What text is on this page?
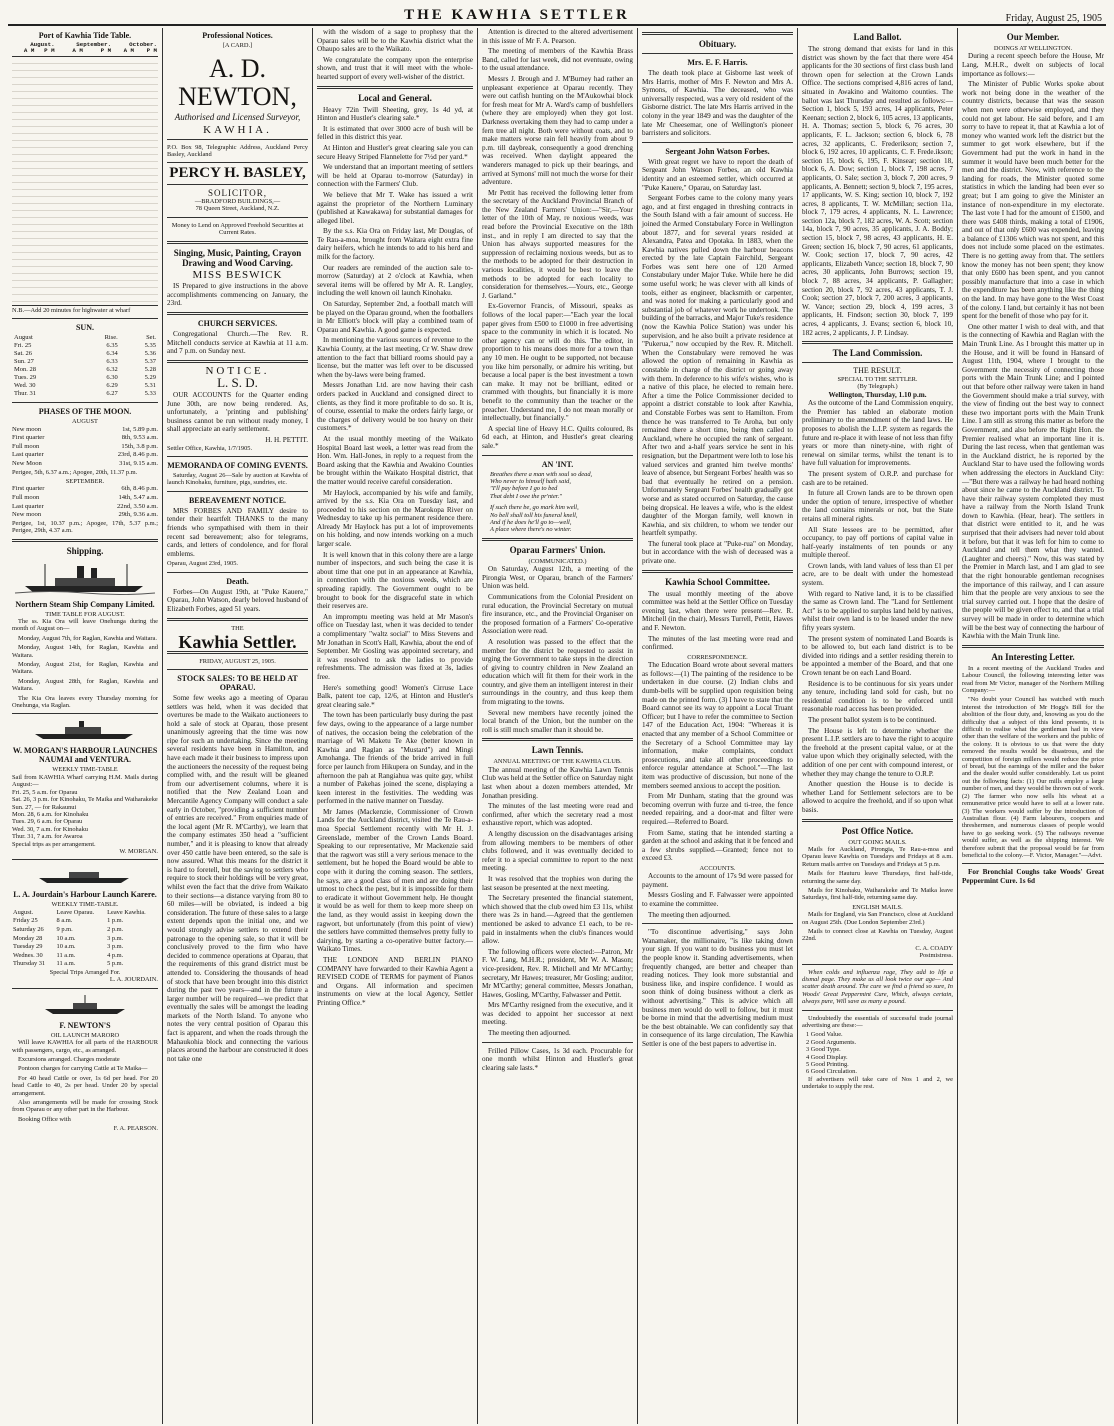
THE KAWHIA SETTLER	Friday, August 25, 1905
Port of Kawhia Tide Table.
	August.		September.		October.	
	A M	P M	A M	P M	A M	P M
N.B.—Add 20 minutes for highwater at wharf
SUN.
August	Rise.	Set.
Fri. 25	6.35	5.35
Sat. 26	6.34	5.36
Sun. 27	6.33	5.37
Mon. 28	6.32	5.28
Tues. 29	6.30	5.29
Wed. 30	6.29	5.31
Thur. 31	6.27	5.33
PHASES OF THE MOON.
AUGUST
New moon	1st, 5.89 p.m.
First quarter	8th, 9.53 a.m.
Full moon	15th, 3.8 p.m.
Last quarter	23rd, 8.46 p.m.
New Moon	31st, 9.15 a.m.
Perigee, 5th, 6.37 a.m.; Apogee, 20th, 11.37 p.m.
SEPTEMBER.
First quarter	6th, 8.46 p.m.
Full moon	14th, 5.47 a.m.
Last quarter	22nd, 3.50 a.m.
New moon	29th, 9.36 a.m.
Perigee, 1st, 10.37 p.m.; Apogee, 17th, 5.37 p.m.; Perigee, 29th, 4.37 a.m.
Shipping.
Northern Steam Ship Company Limited.
TIME TABLE FOR AUGUST.

The ss. Kia Ora will leave Onehunga during the month of August on—

Monday, August 7th, for Raglan, Kawhia and Waitara.

Monday, August 14th, for Raglan, Kawhia and Waitara.

Monday, August 21st, for Raglan, Kawhia and Waitara.

Monday, August 28th, for Raglan, Kawhia and Waitara.

The Kia Ora leaves every Thursday morning for Onehunga, via Raglan.

W. MORGAN'S HARBOUR LAUNCHES NAUMAI and VENTURA.
WEEKLY TIME-TABLE
Sail from KAWHIA Wharf carrying H.M. Mails during August:—
Fri. 25, 5 a.m. for Oparau
Sat. 26, 3 p.m. for Kinohaku, Te Maika and Waiharakeke
Sun. 27, — for Rakaunui
Mon. 28, 6 a.m. for Kinohaku
Tues. 29, 6 a.m. for Oparau
Wed. 30, 7 a.m. for Kinohaku
Thur. 31, 7 a.m. for Awaroa
Special trips as per arrangement.
W. MORGAN.
L. A. Jourdain's Harbour Launch Karere.
WEEKLY TIME-TABLE.
August.	Leave Oparau.	Leave Kawhia.
Friday 25	8 a.m.	1 p.m.
Saturday 26	9 p.m.	2 p.m.
Monday 28	10 a.m.	3 p.m.
Tuesday 29	10 a.m.	3 p.m.
Wednes. 30	11 a.m.	4 p.m.
Thursday 31	11 a.m.	5 p.m.
Special Trips Arranged For.
L. A. JOURDAIN.
F. NEWTON'S
OIL LAUNCH MARORO

Will leave KAWHIA for all parts of the HARBOUR with passengers, cargo, etc., as arranged.

Excursions arranged. Charges moderate

Pontoon charges for carrying Cattle at Te Maika—

For 40 head Cattle or over, 1s 6d per head. For 20 head Cattle to 40, 2s per head. Under 20 by special arrangement.

Also arrangements will be made for crossing Stock from Oparau or any other part in the Harbour.

Booking Office with

F. A. PEARSON.
Professional Notices.
[A CARD.]
A. D. NEWTON,
Authorised and Licensed Surveyor,
KAWHIA.
P.O. Box 98, Telegraphic Address, Auckland Percy Basley, Auckland
PERCY H. BASLEY,
SOLICITOR,
—BRADFORD BUILDINGS,—
78 Queen Street, Auckland, N.Z.
Money to Lend on Approved Freehold Securities at Current Rates.
Singing, Music, Painting, Crayon Drawing and Wood Carving.
MISS BESWICK

IS Prepared to give instructions in the above accomplishments commencing on January, the 23rd.

CHURCH SERVICES.

Congregational Church.—The Rev. R. Mitchell conducts service at Kawhia at 11 a.m. and 7 p.m. on Sunday next.

NOTICE.
L. S. D.

OUR ACCOUNTS for the Quarter ending June 30th, are now being rendered. As, unfortunately, a 'printing and publishing' business cannot be run without ready money, I shall appreciate an early settlement.

H. H. PETTIT.
Settler Office, Kawhia, 1/7/1905.
MEMORANDA OF COMING EVENTS.

Saturday, August 26—Sale by auction at Kawhia of launch Kinohaku, furniture, pigs, sundries, etc.

BEREAVEMENT NOTICE.

MRS FORBES AND FAMILY desire to tender their heartfelt THANKS to the many friends who sympathised with them in their recent sad bereavement; also for telegrams, cards, and letters of condolence, and for floral emblems.

Oparau, August 23rd, 1905.
Death.

Forbes—On August 19th, at "Puke Kauere," Oparau, John Watson, dearly beloved husband of Elizabeth Forbes, aged 51 years.

THE
Kawhia Settler.
FRIDAY, AUGUST 25, 1905.
STOCK SALES: TO BE HELD AT OPARAU.

Some few weeks ago a meeting of Oparau settlers was held, when it was decided that overtures be made to the Waikato auctioneers to hold a sale of stock at Oparau, those present unanimously agreeing that the time was now ripe for such an undertaking. Since the meeting several residents have been in Hamilton, and have each made it their business to impress upon the auctioneers the necessity of the request being complied with, and the result will be gleaned from our advertisement columns, where it is notified that the New Zealand Loan and Mercantile Agency Company will conduct a sale early in October, "providing a sufficient number of entries are received." From enquiries made of the local agent (Mr R. M'Carthy), we learn that the company estimates 350 head a "sufficient number," and it is pleasing to know that already over 450 cattle have been entered, so the sale is now assured. What this means for the district it is hard to foretell, but the saving to settlers who require to stock their holdings will be very great, whilst even the fact that the drive from Waikato to their sections—a distance varying from 80 to 60 miles—will be obviated, is indeed a big consideration. The future of these sales to a large extent depends upon the initial one, and we would strongly advise settlers to extend their patronage to the opening sale, so that it will be conclusively proved to the firm who have decided to commence operations at Oparau, that the requirements of this grand district must be attended to. Considering the thousands of head of stock that have been brought into this district during the past two years—and in the future a larger number will be required—we predict that eventually the sales will be amongst the leading markets of the North Island. To anyone who notes the very central position of Oparau this fact is apparent, and when the roads through the Mahaukohia block and connecting the various places around the harbour are constructed it does not take one

with the wisdom of a sage to prophesy that the Oparau sales will be to the Kawhia district what the Ohaupo sales are to the Waikato.

We congratulate the company upon the enterprise shown, and trust that it will meet with the whole-hearted support of every well-wisher of the district.

Local and General.

Heavy 72in Twill Sheeting, grey, 1s 4d yd, at Hinton and Hustler's clearing sale.*

It is estimated that over 3000 acre of bush will be felled in this district this year.

At Hinton and Hustler's great clearing sale you can secure Heavy Striped Flannelette for 7½d per yard.*

We understand that an important meeting of settlers will be held at Oparau to-morrow (Saturday) in connection with the Farmers' Club.

We believe that Mr T. Wake has issued a writ against the proprietor of the Northern Luminary (published at Kawakawa) for substantial damages for alleged libel.

By the s.s. Kia Ora on Friday last, Mr Douglas, of Te Rau-a-moa, brought from Waitara eight extra fine dairy heifers, which he intends to add to his herd and milk for the factory.

Our readers are reminded of the auction sale to-morrow (Saturday) at 2 o'clock at Kawhia, when several items will be offered by Mr A. R. Langley, including the well known oil launch Kinohaku.

On Saturday, September 2nd, a football match will be played on the Oparau ground, when the footballers in Mr Elliott's block will play a combined team of Oparau and Kawhia. A good game is expected.

In mentioning the various sources of revenue to the Kawhia County, at the last meeting, Cr W. Shaw drew attention to the fact that billiard rooms should pay a license, but the matter was left over to be discussed when the by-laws were being framed.

Messrs Jonathan Ltd. are now having their cash orders packed in Auckland and consigned direct to clients, as they find it more profitable to do so. It is, of course, essential to make the orders fairly large, or the charges of delivery would be too heavy on their customers.*

At the usual monthly meeting of the Waikato Hospital Board last week, a letter was read from the Hon. Wm. Hall-Jones, in reply to a request from the Board asking that the Kawhia and Awakino Counties be brought within the Waikato Hospital district, that the matter would receive careful consideration.

Mr Haylock, accompanied by his wife and family, arrived by the s.s. Kia Ora on Tuesday last, and proceeded to his section on the Marokopa River on Wednesday to take up his permanent residence there. Already Mr Haylock has put a lot of improvements on his holding, and now intends working on a much larger scale.

It is well known that in this colony there are a large number of inspectors, and such being the case it is about time that one put in an appearance at Kawhia, in connection with the noxious weeds, which are spreading rapidly. The Government ought to be brought to book for the disgraceful state in which their reserves are.

An impromptu meeting was held at Mr Mason's office on Tuesday last, when it was decided to tender a complimentary "waltz social" to Miss Stevens and Mr Jonathan in Scott's Hall, Kawhia, about the end of September. Mr Gosling was appointed secretary, and it was resolved to ask the ladies to provide refreshments. The admission was fixed at 3s, ladies free.

Here's something good! Women's Cirruse Lace Balk, patent toe cap, 12/6, at Hinton and Hustler's great clearing sale.*

The town has been particularly busy during the past few days, owing to the appearance of a large number of natives, the occasion being the celebration of the marriage of Wi Maketu Te Ake (better known in Kawhia and Raglan as "Mustard") and Mingi Amohanga. The friends of the bride arrived in full force per launch from Hikupera on Sunday, and in the afternoon the pah at Rangiahua was quite gay, whilst a number of Pakehas joined the scene, displaying a keen interest in the festivities. The wedding was performed in the native manner on Tuesday.

Mr James (Mackenzie, Commissioner of Crown Lands for the Auckland district, visited the Te Rau-a-moa Special Settlement recently with Mr H. J. Greenslade, member of the Crown Lands Board. Speaking to our representative, Mr Mackenzie said that the ragwort was still a very serious menace to the settlement, but he hoped the Board would be able to cope with it during the coming season. The settlers, he says, are a good class of men and are doing their utmost to check the pest, but it is impossible for them to eradicate it without Government help. He thought it would be as well for them to keep more sheep on the land, as they would assist in keeping down the ragwort, but unfortunately (from this point of view) the settlers have committed themselves pretty fully to dairying, by starting a co-operative butter factory.—Waikato Times.

THE LONDON AND BERLIN PIANO COMPANY have forwarded to their Kawhia Agent a REVISED CODE of TERMS for payment of Pianos and Organs. All information and specimen instruments on view at the local Agency, Settler Printing Office.*

Attention is directed to the altered advertisement in this issue of Mr F. A. Pearson.

The meeting of members of the Kawhia Brass Band, called for last week, did not eventuate, owing to the usual attendance.

Messrs J. Brough and J. M'Burney had rather an unpleasant experience at Oparau recently. They were out catfish hunting on the M'Aukowhai block for fresh meat for Mr A. Ward's camp of bushfellers (where they are employed) when they got lost. Darkness overtaking them they had to camp under a fern tree all night. Both were without coats, and to make matters worse rain fell heavily from about 9 p.m. till daybreak, consequently a good drenching was received. When daylight appeared the wanderers managed to pick up their bearings, and arrived at Symons' mill not much the worse for their adventure.

Mr Pettit has received the following letter from the secretary of the Auckland Provincial Branch of the New Zealand Farmers' Union:—"Sir,—Your letter of the 10th of May, re noxious weeds, was read before the Provincial Executive on the 18th inst., and in reply I am directed to say that the Union has always supported measures for the suppression of reclaiming noxious weeds, but as to the methods to be adopted for their destruction in various localities, it would be best to leave the methods to be adopted for each locality to consideration for themselves.—Yours, etc., George J. Garland."

Ex-Governor Francis, of Missouri, speaks as follows of the local paper:—"Each year the local paper gives from £500 to £1000 in free advertising space to the community in which it is located. No other agency can or will do this. The editor, in proportion to his means does more for a town than any 10 men. He ought to be supported, not because you like him personally, or admire his writing, but because a local paper is the best investment a town can make. It may not be brilliant, edited or crammed with thoughts, but financially it is more benefit to the community than the teacher or the preacher. Understand me, I do not mean morally or intellectually, but financially."

A special line of Heavy H.C. Quilts coloured, 8s 6d each, at Hinton, and Hustler's great clearing sale.*

AN 'INT.
Breathes there a man with soul so dead,
Who never to himself hath said,
"I'll pay before I go to bed
That debt I owe the pr'nter."
If such there be, go mark him well,
No bell shall toll his funeral knell,
And if he does he'll go to—well,
A place where there's no winter.
Oparau Farmers' Union.
(COMMUNICATED.)

On Saturday, August 12th, a meeting of the Pirongia West, or Oparau, branch of the Farmers' Union was held.

Communications from the Colonial President on rural education, the Provincial Secretary on mutual fire insurance, etc., and the Provincial Organiser on the proposed formation of a Farmers' Co-operative Association were read.

A resolution was passed to the effect that the member for the district be requested to assist in urging the Government to take steps in the direction of giving to country children in New Zealand an education which will fit them for their work in the country, and give them an intelligent interest in their surroundings in the country, and thus keep them from migrating to the towns.

Several new members have recently joined the local branch of the Union, but the number on the roll is still much smaller than it should be.

Lawn Tennis.
ANNUAL MEETING OF THE KAWHIA CLUB.

The annual meeting of the Kawhia Lawn Tennis Club was held at the Settler office on Saturday night last when about a dozen members attended, Mr Jonathan presiding.

The minutes of the last meeting were read and confirmed, after which the secretary read a most exhaustive report, which was adopted.

A lengthy discussion on the disadvantages arising from allowing members to be members of other clubs followed, and it was eventually decided to refer it to a special committee to report to the next meeting.

It was resolved that the trophies won during the last season be presented at the next meeting.

The Secretary presented the financial statement, which showed that the club owed him £3 11s, whilst there was 2s in hand.—Agreed that the gentlemen mentioned be asked to advance £1 each, to be re-paid in instalments when the club's finances would allow.

The following officers were elected:—Patron, Mr F. W. Lang, M.H.R.; president, Mr W. A. Mason; vice-president, Rev. R. Mitchell and Mr M'Carthy; secretary, Mr Hawes; treasurer, Mr Gosling; auditor, Mr M'Carthy; general committee, Messrs Jonathan, Hawes, Gosling, M'Carthy, Falwasser and Pettit.

Mrs M'Carthy resigned from the executive, and it was decided to appoint her successor at next meeting.

The meeting then adjourned.

Frilled Pillow Cases, 1s 3d each. Procurable for one month whilst Hinton and Hustler's great clearing sale lasts.*

Obituary.
Mrs. E. F. Harris.

The death took place at Gisborne last week of Mrs Harris, mother of Mrs F. Newton and Mrs A. Symons, of Kawhia. The deceased, who was universally respected, was a very old resident of the Gisborne district. The late Mrs Harris arrived in the colony in the year 1849 and was the daughter of the late Mr Cheesemar, one of Wellington's pioneer barristers and solicitors.

Sergeant John Watson Forbes.

With great regret we have to report the death of Sergeant John Watson Forbes, an old Kawhia identity and an esteemed settler, which occurred at "Puke Kauere," Oparau, on Saturday last.

Sergeant Forbes came to the colony many years ago, and at first engaged in threshing contracts in the South Island with a fair amount of success. He joined the Armed Constabulary Force in Wellington about 1877, and for several years resided at Alexandra, Patea and Opotaka. In 1883, when the Kawhia natives pulled down the harbour beacons erected by the late Captain Fairchild, Sergeant Forbes was sent here one of 120 Armed Constabulary under Major Tuke. While here he did some useful work; he was clever with all kinds of tools, either as engineer, blacksmith or carpenter, and was noted for making a particularly good and substantial job of whatever work he undertook. The building of the barracks, and Major Tuke's residence (now the Kawhia Police Station) was under his supervision, and he also built a private residence at "Pukerua," now occupied by the Rev. R. Mitchell. When the Constabulary were removed he was allowed the option of remaining in Kawhia as constable in charge of the district or going away with them. In deference to his wife's wishes, who is a native of this place, he elected to remain here. After a time the Police Commissioner decided to appoint a district constable to look after Kawhia, and Constable Forbes was sent to Hamilton. From thence he was transferred to Te Aroha, but only remained there a short time, being then called to Auckland, where he occupied the rank of sergeant. After two and a-half years service he sent in his resignation, but the Department were loth to lose his valued services and granted him twelve months' leave of absence, but Sergeant Forbes' health was so bad that eventually he retired on a pension. Unfortunately Sergeant Forbes' health gradually got worse and as stated occurred on Saturday, the cause being dropsical. He leaves a wife, who is the eldest daughter of the Morgan family, well known in Kawhia, and six children, to whom we tender our heartfelt sympathy.

The funeral took place at "Puke-rua" on Monday, but in accordance with the wish of deceased was a private one.

Kawhia School Committee.

The usual monthly meeting of the above committee was held at the Settler Office on Tuesday evening last, when there were present—Rev. R. Mitchell (in the chair), Messrs Turrell, Pettit, Hawes and F. Newton.

The minutes of the last meeting were read and confirmed.

CORRESPONDENCE.

The Education Board wrote about several matters as follows:—(1) The painting of the residence to be undertaken in due course. (2) Indian clubs and dumb-bells will be supplied upon requisition being made on the printed form. (3) I have to state that the Board cannot see its way to appoint a Local Truant Officer; but I have to refer the committee to Section 147 of the Education Act, 1904: "Whereas it is enacted that any member of a School Committee or the Secretary of a School Committee may lay information, make complaints, conduct prosecutions, and take all other proceedings to enforce regular attendance at School."—The last item was productive of discussion, but none of the members seemed anxious to accept the position.

From Mr Dunham, stating that the ground was becoming overrun with furze and ti-tree, the fence needed repairing, and a door-mat and filter were required.—Referred to Board.

From Same, stating that he intended starting a garden at the school and asking that it be fenced and a few shrubs supplied.—Granted; fence not to exceed £3.

ACCOUNTS.

Accounts to the amount of 17s 9d were passed for payment.

Messrs Gosling and F. Falwasser were appointed to examine the committee.

The meeting then adjourned.

"To discontinue advertising," says John Wanamaker, the millionaire, "is like taking down your sign. If you want to do business you must let the people know it. Standing advertisements, when frequently changed, are better and cheaper than reading notices. They look more substantial and business like, and inspire confidence. I would as soon think of doing business without a clerk as without advertising." This is advice which all business men would do well to follow, but it must be borne in mind that the advertising medium must be the best obtainable. We can confidently say that in consequence of its large circulation, The Kawhia Settler is one of the best papers to advertise in.

Land Ballot.

The strong demand that exists for land in this district was shown by the fact that there were 454 applicants for the 30 sections of first class bush land thrown open for selection at the Crown Lands Office. The sections comprised 4,816 acres of land, situated in Awakino and Waitomo counties. The ballot was last Thursday and resulted as follows:—Section 1, block 5, 193 acres, 14 applicants, Peter Keenan; section 2, block 6, 105 acres, 13 applicants, H. A. Thomas; section 5, block 6, 76 acres, 30 applicants, F. L. Jackson; section 6, block 6, 78 acres, 32 applicants, C. Frederikson; section 7, block 6, 192 acres, 10 applicants, C. F. Frede.ikson; section 15, block 6, 195, F. Kinsear; section 18, block 6, A. Dow; section 1, block 7, 198 acres, 7 applicants, O. Sale; section 3, block 7, 200 acres, 9 applicants, A. Bennett; section 9, block 7, 195 acres, 17 applicants, W. S. King; section 10, block 7, 192 acres, 8 applicants, T. W. McMillan; section 11a, block 7, 179 acres, 4 applicants, N. L. Lawrence; section 12a, block 7, 182 acres, W. A. Scott; section 14a, block 7, 90 acres, 35 applicants, J. A. Boddy; section 15, block 7, 98 acres, 43 applicants, H. E. Green; section 16, block 7, 90 acres, 61 applicants, W. Cook; section 17, block 7, 90 acres, 42 applicants, Elizabeth Vance; section 18, block 7, 90 acres, 30 applicants, John Burrows; section 19, block 7, 88 acres, 34 applicants, P. Gallagher; section 20, block 7, 92 acres, 43 applicants, T. J. Cook; section 27, block 7, 200 acres, 3 applicants, W. Vance; section 29, block 4, 199 acres, 3 applicants, H. Findson; section 30, block 7, 199 acres, 4 applicants, J. Evans; section 6, block 10, 182 acres, 2 applicants, J. P. Lindsay.

The Land Commission.
THE RESULT.
SPECIAL TO THE SETTLER.
(By Telegraph.)
Wellington, Thursday, 1.10 p.m.

As the outcome of the Land Commission enquiry, the Premier has tabled an elaborate motion preliminary to the amendment of the land laws. He proposes to abolish the L.I.P. system as regards the future and re-place it with lease of not less than fifty years or more than ninety-nine, with right of renewal on similar terms, whilst the tenant is to have full valuation for improvements.

The present system of O.R.P. and purchase for cash are to be retained.

In future all Crown lands are to be thrown open under the option of tenure, irrespective of whether the land contains minerals or not, but the State retains all mineral rights.

All State lessees are to be permitted, after occupancy, to pay off portions of capital value in half-yearly instalments of ten pounds or any multiple thereof.

Crown lands, with land values of less than £1 per acre, are to be dealt with under the homestead system.

With regard to Native land, it is to be classified the same as Crown land. The "Land for Settlement Act" is to be applied to surplus land held by natives, whilst their own land is to be leased under the new fifty years system.

The present system of nominated Land Boards is to be allowed to, but each land district is to be divided into ridings and a settler residing therein to be appointed a member of the Board, and that one Crown tenant be on each Land Board.

Residence is to be continuous for six years under any tenure, including land sold for cash, but no residential condition is to be enforced until reasonable road access has been provided.

The present ballot system is to be continued.

The House is left to determine whether the present L.I.P. settlers are to have the right to acquire the freehold at the present capital value, or at the value upon which they originally selected, with the addition of one per cent with compound interest, or whether they may change the tenure to O.R.P.

Another question the House is to decide is whether Land for Settlement selectors are to be allowed to acquire the freehold, and if so upon what basis.

Post Office Notice.
OUT GOING MAILS.

Mails for Auckland, Pirongia, Te Rau-a-moa and Oparau leave Kawhia on Tuesdays and Fridays at 8 a.m. Return mails arrive on Tuesdays and Fridays at 5 p.m.

Mails for Hauturu leave Thursdays, first half-tide, returning the same day.

Mails for Kinohaku, Waiharakeke and Te Maika leave Saturdays, first half-tide, returning same day.

ENGLISH MAILS.

Mails for England, via San Francisco, close at Auckland on August 25th. (Due London September 23rd.)

Mails to connect close at Kawhia on Tuesday, August 22nd.

C. A. COADY
Postmistress.

When colds and influenza rage, They add to life a dismal page. They make us all look twice our age— And scatter death around. The cure we find a friend so sure, In Woods' Great Peppermint Cure, Which, always certain, always pure, Will save as many a pound.

Undoubtedly the essentials of successful trade journal advertising are these:—

1 Good Value.
2 Good Arguments.
3 Good Type.
4 Good Display.
5 Good Printing.
6 Good Circulation.

If advertisers will take care of Nos 1 and 2, we undertake to supply the rest.

Our Member.
DOINGS AT WELLINGTON.

During a recent speech before the House, Mr Lang, M.H.R., dwelt on subjects of local importance as follows:—

The Minister of Public Works spoke about work not being done in the weather of the country districts, because that was the season when men were otherwise employed, and they could not get labour. He said before, and I am sorry to have to repeat it, that at Kawhia a lot of money who wanted work left the district but the summer to get work elsewhere, but if the Government had put the work in hand in the summer it would have been much better for the men and the district. Now, with reference to the landing for roads, the Minister quoted some statistics in which the landing had been ever so great; but I am going to give the Minister an instance of non-expenditure in my electorate. The last vote I had for the amount of £1500, and there was £408 thirds, making a total of £1906, and out of that only £600 was expended, leaving a balance of £1306 which was not spent, and this does not include some placed on the estimates. There is no getting away from that. The settlers know the money has not been spent; they know that only £600 has been spent, and you cannot possibly manufacture that into a case in which the expenditure has been anything like the thing on the land. In may have gone to the West Coast of the colony. I land, but certainly it has not been spent for the benefit of those who pay for it.

One other matter I wish to deal with, and that is the connecting of Kawhia and Raglan with the Main Trunk Line. As I brought this matter up in the House, and it will be found in Hansard of August 11th, 1904, where I brought to the Government the necessity of connecting those ports with the Main Trunk Line; and I pointed out that before other railway were taken in hand the Government should make a trial survey, with the view of finding out the best way to connect these two important ports with the Main Trunk Line. I am still as strong this matter as before the Government, and also before the Right Hon. the Premier realised what an important line it is. During the last recess, when that gentleman was in the Auckland district, he is reported by the Auckland Star to have used the following words when addressing the electors in Auckland City:—"But there was a railway he had heard nothing about since he came to the Auckland district. To have their railway system completed they must have a railway from the North Island Trunk down to Kawhia. (Hear, hear). The settlers in that district were entitled to it, and he was surprised that their advisers had never told about it before, but that it was left for him to come to Auckland and tell them what they wanted. (Laughter and cheers)." Now, this was stated by the Premier in March last, and I am glad to see that the right honourable gentleman recognises the importance of this railway, and I can assure him that the people are very anxious to see the trial survey carried out. I hope that the desire of the people will be given effect to, and that a trial survey will be made in order to determine which will be the best way of connecting the harbour of Kawhia with the Main Trunk line.

An Interesting Letter.

In a recent meeting of the Auckland Trades and Labour Council, the following interesting letter was read from Mr Victor, manager of the Northern Milling Company:—

"No doubt your Council has watched with much interest the introduction of Mr Hogg's Bill for the abolition of the flour duty, and, knowing as you do the difficulty that a subject of this kind presents, it is difficult to realise what the gentleman had in view other than the welfare of the workers and the public of the colony. It is obvious to us that were the duty removed the results would be disastrous, and the competition of foreign millers would reduce the price of bread, but the earnings of the miller and the baker and the dealer would suffer considerably. Let us point out the following facts: (1) Our mills employ a large number of men, and they would be thrown out of work. (2) The farmer who now sells his wheat at a remunerative price would have to sell at a lower rate. (3) The workers would suffer by the introduction of Australian flour. (4) Farm labourers, coopers and threshermen, and numerous classes of people would have to go seeking work. (5) The railways revenue would suffer, as well as the shipping interest. We therefore submit that the proposal would be far from beneficial to the colony.—F. Victor, Manager."—Advt.

For Bronchial Coughs take Woods' Great Peppermint Cure. 1s 6d
